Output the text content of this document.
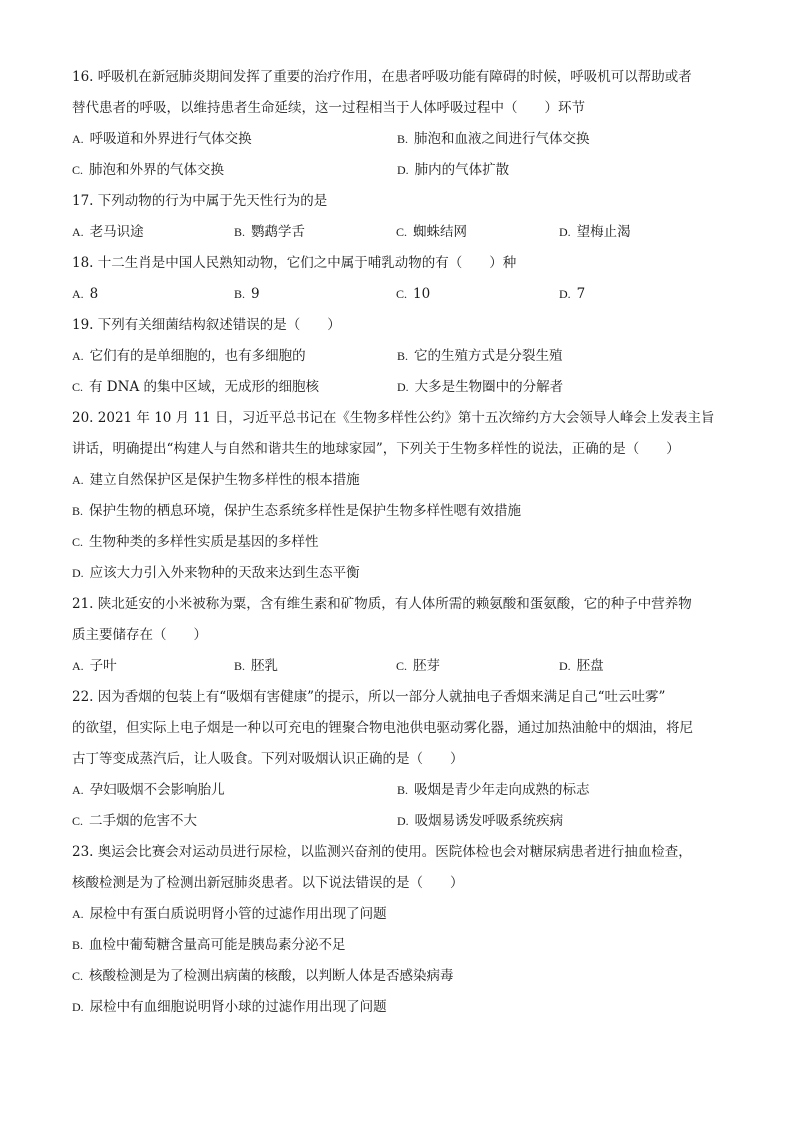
16. 呼吸机在新冠肺炎期间发挥了重要的治疗作用，在患者呼吸功能有障碍的时候，呼吸机可以帮助或者
替代患者的呼吸，以维持患者生命延续，这一过程相当于人体呼吸过程中（　　）环节
A. 呼吸道和外界进行气体交换	B. 肺泡和血液之间进行气体交换
C. 肺泡和外界的气体交换	D. 肺内的气体扩散
17. 下列动物的行为中属于先天性行为的是
A. 老马识途	B. 鹦鹉学舌	C. 蜘蛛结网	D. 望梅止渴
18. 十二生肖是中国人民熟知动物，它们之中属于哺乳动物的有（　　）种
A. 8	B. 9	C. 10	D. 7
19. 下列有关细菌结构叙述错误的是（　　）
A. 它们有的是单细胞的，也有多细胞的	B. 它的生殖方式是分裂生殖
C. 有 DNA 的集中区域，无成形的细胞核	D. 大多是生物圈中的分解者
20. 2021 年 10 月 11 日，习近平总书记在《生物多样性公约》第十五次缔约方大会领导人峰会上发表主旨
讲话，明确提出“构建人与自然和谐共生的地球家园”，下列关于生物多样性的说法，正确的是（　　）
A. 建立自然保护区是保护生物多样性的根本措施
B. 保护生物的栖息环境，保护生态系统多样性是保护生物多样性嗯有效措施
C. 生物种类的多样性实质是基因的多样性
D. 应该大力引入外来物种的天敌来达到生态平衡
21. 陕北延安的小米被称为粟，含有维生素和矿物质，有人体所需的赖氨酸和蛋氨酸，它的种子中营养物
质主要储存在（　　）
A. 子叶	B. 胚乳	C. 胚芽	D. 胚盘
22. 因为香烟的包装上有“吸烟有害健康”的提示，所以一部分人就抽电子香烟来满足自己“吐云吐雾”
的欲望，但实际上电子烟是一种以可充电的锂聚合物电池供电驱动雾化器，通过加热油舱中的烟油，将尼
古丁等变成蒸汽后，让人吸食。下列对吸烟认识正确的是（　　）
A. 孕妇吸烟不会影响胎儿	B. 吸烟是青少年走向成熟的标志
C. 二手烟的危害不大	D. 吸烟易诱发呼吸系统疾病
23. 奥运会比赛会对运动员进行尿检，以监测兴奋剂的使用。医院体检也会对糖尿病患者进行抽血检查，
核酸检测是为了检测出新冠肺炎患者。以下说法错误的是（　　）
A. 尿检中有蛋白质说明肾小管的过滤作用出现了问题
B. 血检中葡萄糖含量高可能是胰岛素分泌不足
C. 核酸检测是为了检测出病菌的核酸，以判断人体是否感染病毒
D. 尿检中有血细胞说明肾小球的过滤作用出现了问题
